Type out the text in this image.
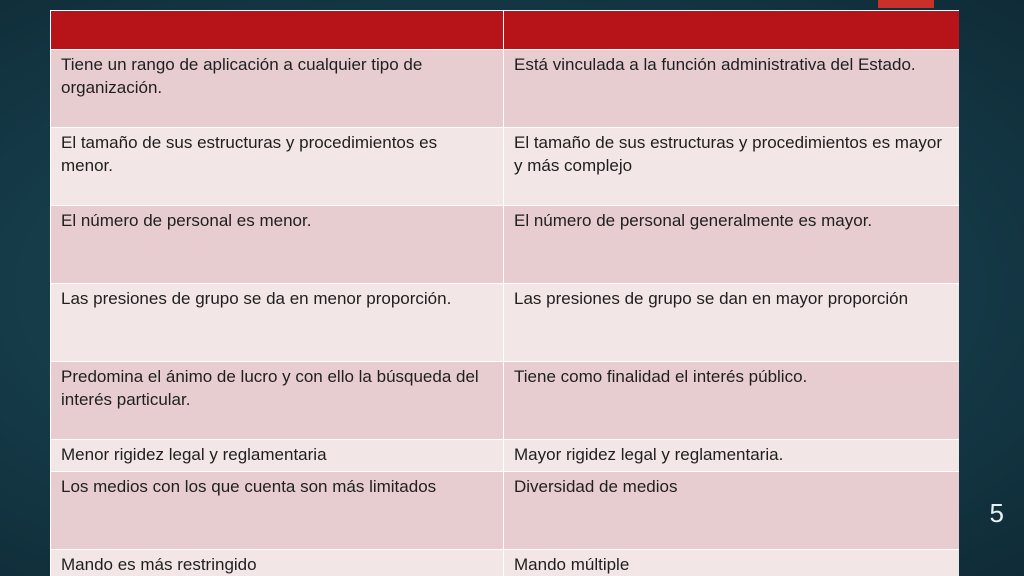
Tiene un rango de aplicación a cualquier tipo de organización.	Está vinculada a la función administrativa del Estado.
El tamaño de sus estructuras y procedimientos es menor.	El tamaño de sus estructuras y procedimientos es mayor y más complejo
El número de personal es menor.	El número de personal generalmente es mayor.
Las presiones de grupo se da en menor proporción.	Las presiones de grupo se dan en mayor proporción
Predomina el ánimo de lucro y con ello la búsqueda del interés particular.	Tiene como finalidad el interés público.
Menor rigidez legal y reglamentaria	Mayor rigidez legal y reglamentaria.
Los medios con los que cuenta son más limitados	Diversidad de medios
Mando es más restringido	Mando múltiple
5
